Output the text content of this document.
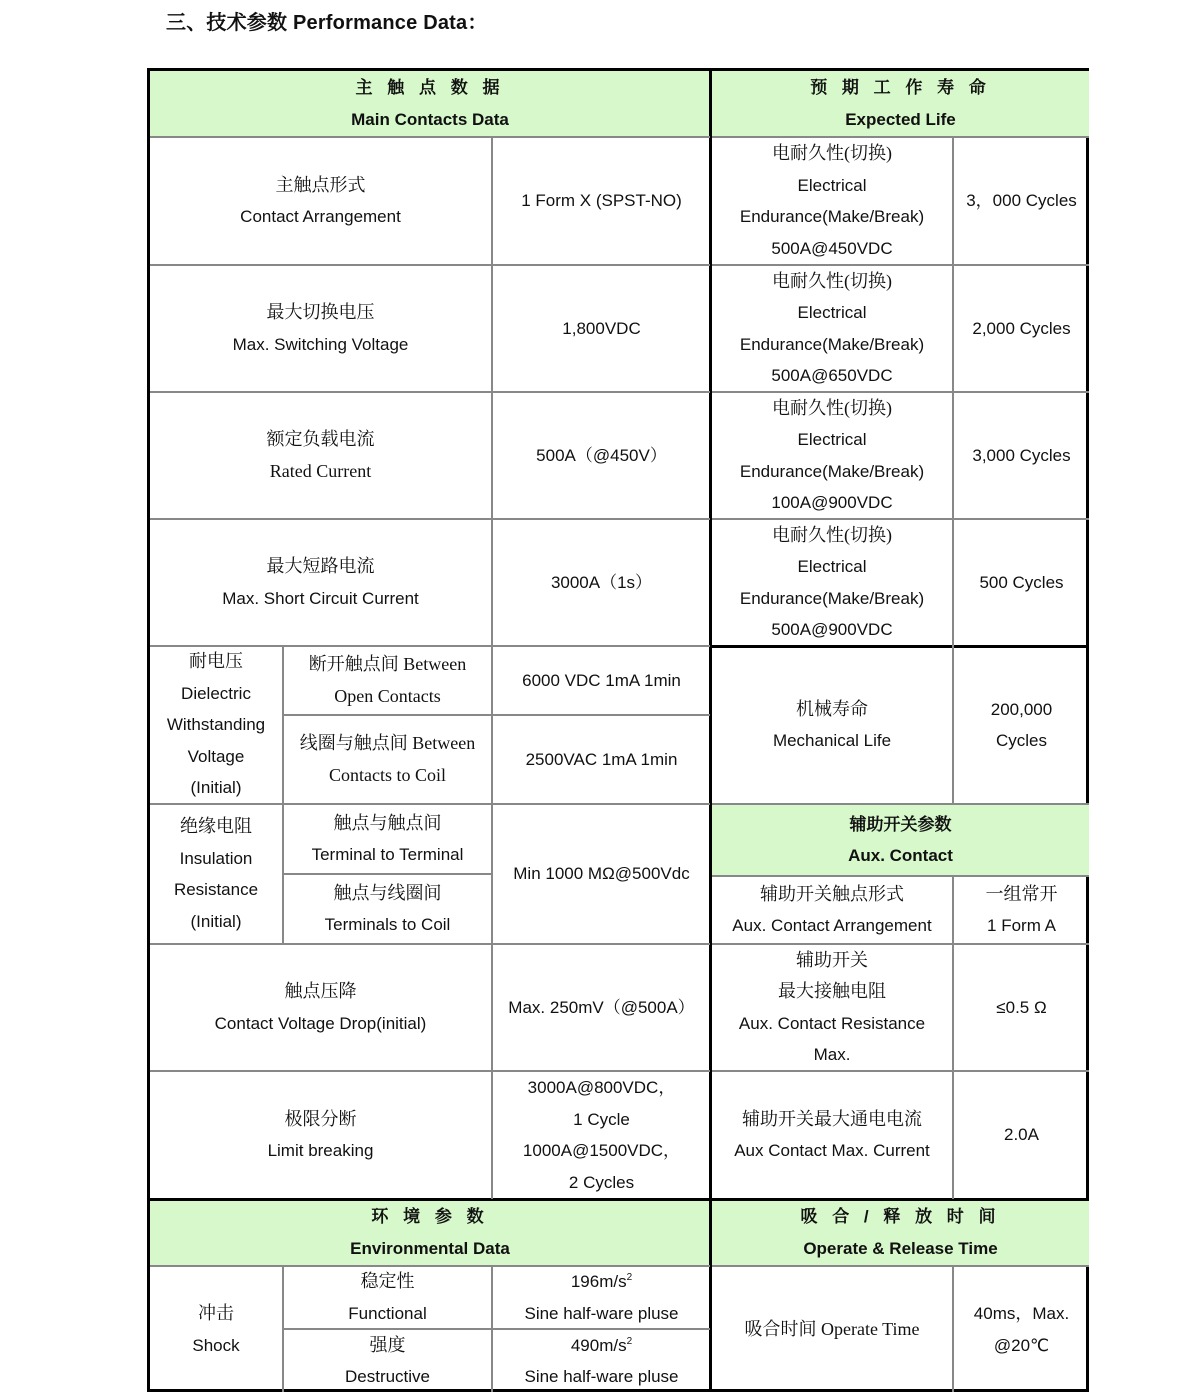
三、技术参数 Performance Data：
主 触 点 数 据
Main Contacts Data
预 期 工 作 寿 命
Expected Life
主触点形式
Contact Arrangement
1 Form X (SPST-NO)
最大切换电压
Max. Switching Voltage
1,800VDC
额定负载电流
Rated Current
500A（@450V）
最大短路电流
Max. Short Circuit Current
3000A（1s）
电耐久性(切换)
Electrical
Endurance(Make/Break)
500A@450VDC
3，000 Cycles
电耐久性(切换)
Electrical
Endurance(Make/Break)
500A@650VDC
2,000 Cycles
电耐久性(切换)
Electrical
Endurance(Make/Break)
100A@900VDC
3,000 Cycles
电耐久性(切换)
Electrical
Endurance(Make/Break)
500A@900VDC
500 Cycles
耐电压
Dielectric
Withstanding
Voltage
(Initial)
断开触点间 Between
Open Contacts
6000 VDC 1mA 1min
线圈与触点间 Between
Contacts to Coil
2500VAC 1mA 1min
机械寿命
Mechanical Life
200,000
Cycles
绝缘电阻
Insulation
Resistance
(Initial)
触点与触点间
Terminal to Terminal
触点与线圈间
Terminals to Coil
Min 1000 MΩ@500Vdc
辅助开关参数
Aux. Contact
辅助开关触点形式
Aux. Contact Arrangement
一组常开
1 Form A
触点压降
Contact Voltage Drop(initial)
Max. 250mV（@500A）
辅助开关
最大接触电阻
Aux. Contact Resistance
Max.
≤0.5 Ω
极限分断
Limit breaking
3000A@800VDC，
1 Cycle
1000A@1500VDC，
2 Cycles
辅助开关最大通电电流
Aux Contact Max. Current
2.0A
环 境 参 数
Environmental Data
吸 合 / 释 放 时 间
Operate & Release Time
冲击
Shock
稳定性
Functional
$196m/s^2$
Sine half-ware pluse
强度
Destructive
$490m/s^2$
Sine half-ware pluse
吸合时间 Operate Time
40ms，Max.
@20℃
